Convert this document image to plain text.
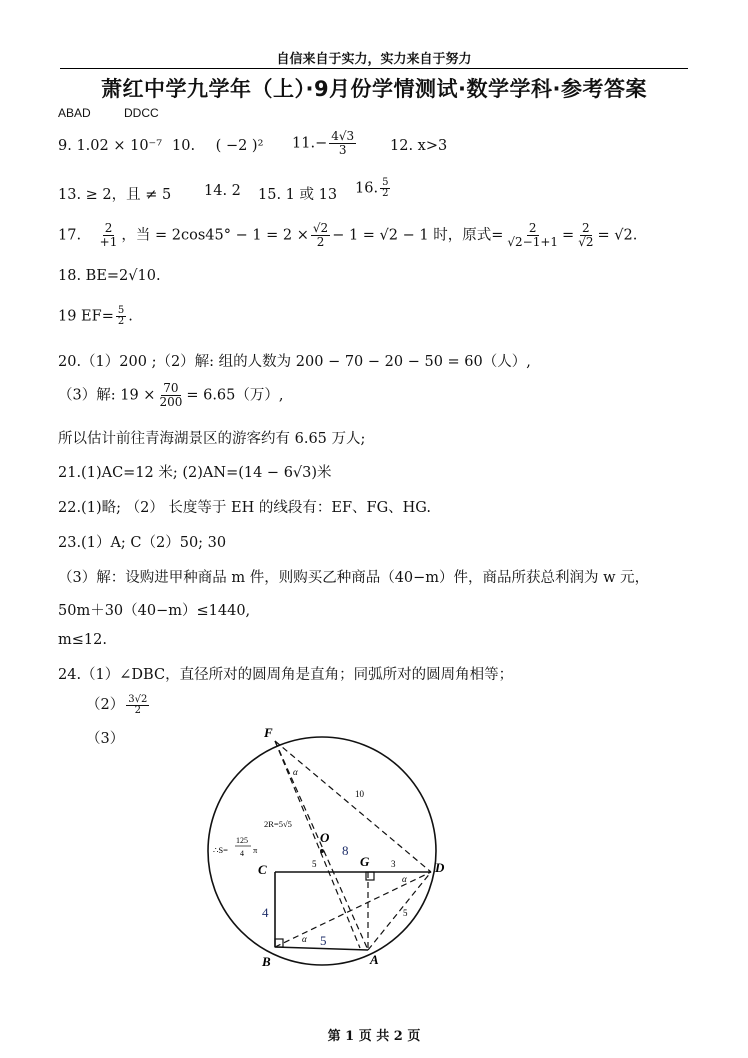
自信来自于实力，实力来自于努力
萧红中学九学年（上）·9月份学情测试·数学学科·参考答案
ABAD	DDCC
9. 1.02 × 10⁻⁷ 10. ( −2 )² $11.- \frac{4√3}{3} 12$. x>3
13. ≥ 2，且 ≠ 5 14. 2 15. 1 或 13 16. $\frac{5}{2}$
17. $\frac{2}{+1}$ ，当 = $2\cos 45^\circ - 1 = 2 \times \frac{√2}{2} - 1 = √2 - 1$ 时，原式= $\frac{2}{√2-1+1} = \frac{2}{√2} = √2$.
18. BE=2√10.
19 $EF= \frac{5}{2}$ .
20.（1）200 ;（2）解: 组的人数为 200 − 70 − 20 − 50 = 60（人）,
（3）解: $19 \times \frac{70}{200} = 6.65$（万）,
所以估计前往青海湖景区的游客约有 6.65 万人;
21.(1)AC=12 米; (2)AN=(14 − 6√3)米
22.(1)略; （2） 长度等于 EH 的线段有：EF、FG、HG.
23.(1）A; C（2）50; 30
（3）解：设购进甲种商品 m 件，则购买乙种商品（40−m）件，商品所获总利润为 w 元，
50m＋30（40−m）≤1440,
m≤12.
24.（1）∠DBC，直径所对的圆周角是直角；同弧所对的圆周角相等；
$(2) \frac{3√2}{2}$
（3）	F
O
C
G	D
B	A
10
α
2R=5√5
∴S=
125
4 π
5
8
3
4
5
5
α
α
第 1 页 共 2 页
